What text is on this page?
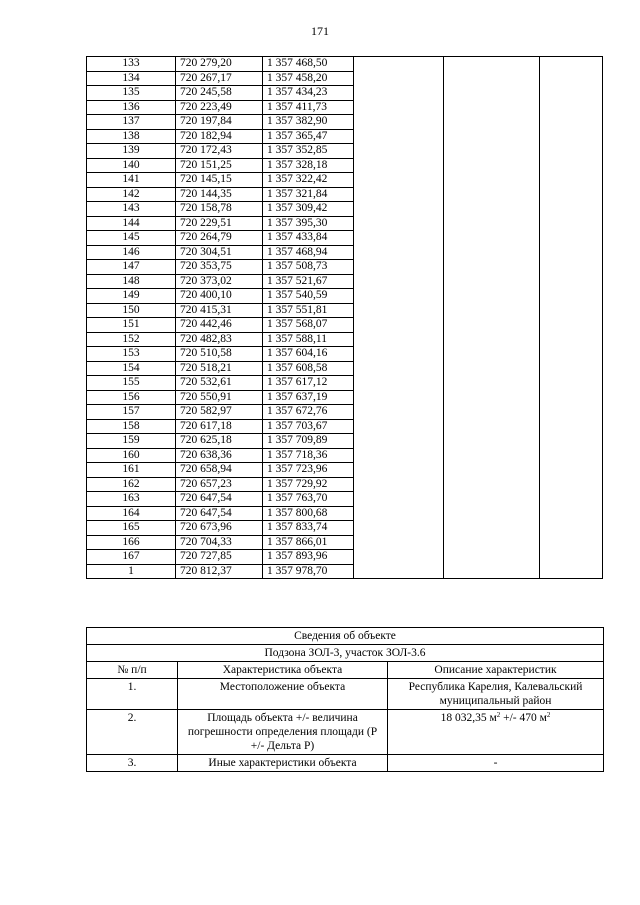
171
133	720 279,20	1 357 468,50			
134	720 267,17	1 357 458,20			
135	720 245,58	1 357 434,23			
136	720 223,49	1 357 411,73			
137	720 197,84	1 357 382,90			
138	720 182,94	1 357 365,47			
139	720 172,43	1 357 352,85			
140	720 151,25	1 357 328,18			
141	720 145,15	1 357 322,42			
142	720 144,35	1 357 321,84			
143	720 158,78	1 357 309,42			
144	720 229,51	1 357 395,30			
145	720 264,79	1 357 433,84			
146	720 304,51	1 357 468,94			
147	720 353,75	1 357 508,73			
148	720 373,02	1 357 521,67			
149	720 400,10	1 357 540,59			
150	720 415,31	1 357 551,81			
151	720 442,46	1 357 568,07			
152	720 482,83	1 357 588,11			
153	720 510,58	1 357 604,16			
154	720 518,21	1 357 608,58			
155	720 532,61	1 357 617,12			
156	720 550,91	1 357 637,19			
157	720 582,97	1 357 672,76			
158	720 617,18	1 357 703,67			
159	720 625,18	1 357 709,89			
160	720 638,36	1 357 718,36			
161	720 658,94	1 357 723,96			
162	720 657,23	1 357 729,92			
163	720 647,54	1 357 763,70			
164	720 647,54	1 357 800,68			
165	720 673,96	1 357 833,74			
166	720 704,33	1 357 866,01			
167	720 727,85	1 357 893,96			
1	720 812,37	1 357 978,70			
Сведения об объекте		
Подзона ЗОЛ-3, участок ЗОЛ-3.6		
№ п/п	Характеристика объекта	Описание характеристик
1.	Местоположение объекта	Республика Карелия, Калевальский муниципальный район
2.	Площадь объекта +/- величина погрешности определения площади (Р +/- Дельта Р)	18 032,35 $м^2$ +/- 470 $м^2$
3.	Иные характеристики объекта	-
